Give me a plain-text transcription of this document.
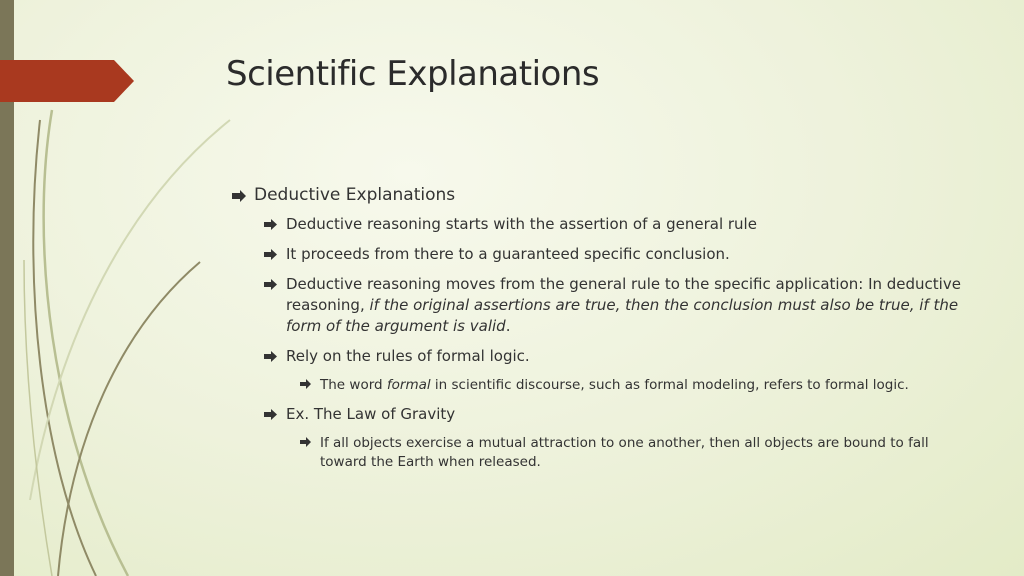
Scientific Explanations
Deductive Explanations
Deductive reasoning starts with the assertion of a general rule
It proceeds from there to a guaranteed specific conclusion.
Deductive reasoning moves from the general rule to the specific application: In deductive reasoning, if the original assertions are true, then the conclusion must also be true, if the form of the argument is valid.
Rely on the rules of formal logic.
The word formal in scientific discourse, such as formal modeling, refers to formal logic.
Ex. The Law of Gravity
If all objects exercise a mutual attraction to one another, then all objects are bound to fall toward the Earth when released.
